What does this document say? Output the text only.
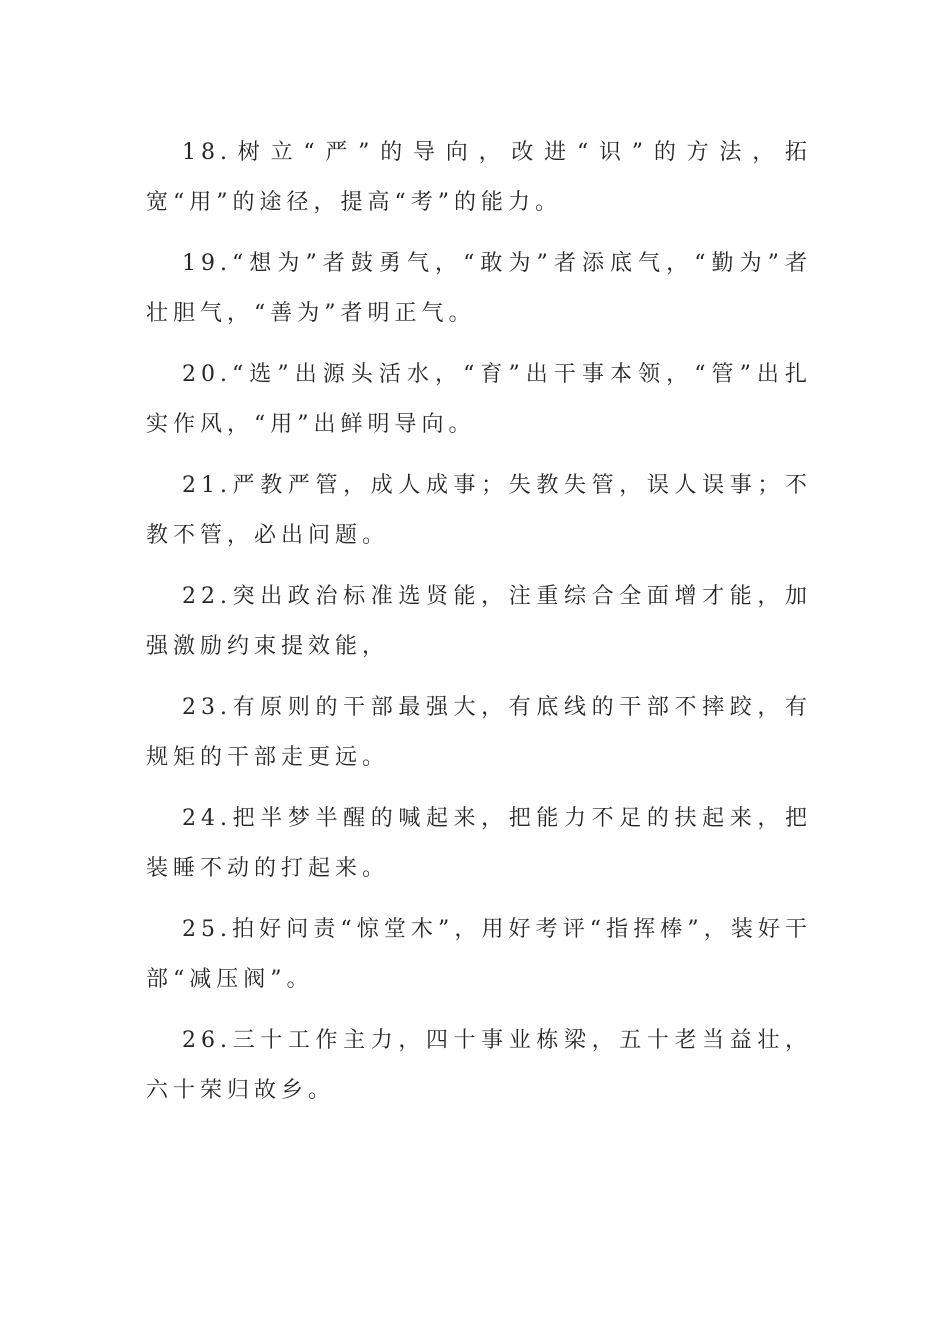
18.树立“严”的导向，改进“识”的方法，拓宽“用”的途径，提高“考”的能力。

19.“想为”者鼓勇气，“敢为”者添底气，“勤为”者壮胆气，“善为”者明正气。

20.“选”出源头活水，“育”出干事本领，“管”出扎实作风，“用”出鲜明导向。

21.严教严管，成人成事；失教失管，误人误事；不教不管，必出问题。

22.突出政治标准选贤能，注重综合全面增才能，加强激励约束提效能，

23.有原则的干部最强大，有底线的干部不摔跤，有规矩的干部走更远。

24.把半梦半醒的喊起来，把能力不足的扶起来，把装睡不动的打起来。

25.拍好问责“惊堂木”，用好考评“指挥棒”，装好干部“减压阀”。

26.三十工作主力，四十事业栋梁，五十老当益壮，六十荣归故乡。
